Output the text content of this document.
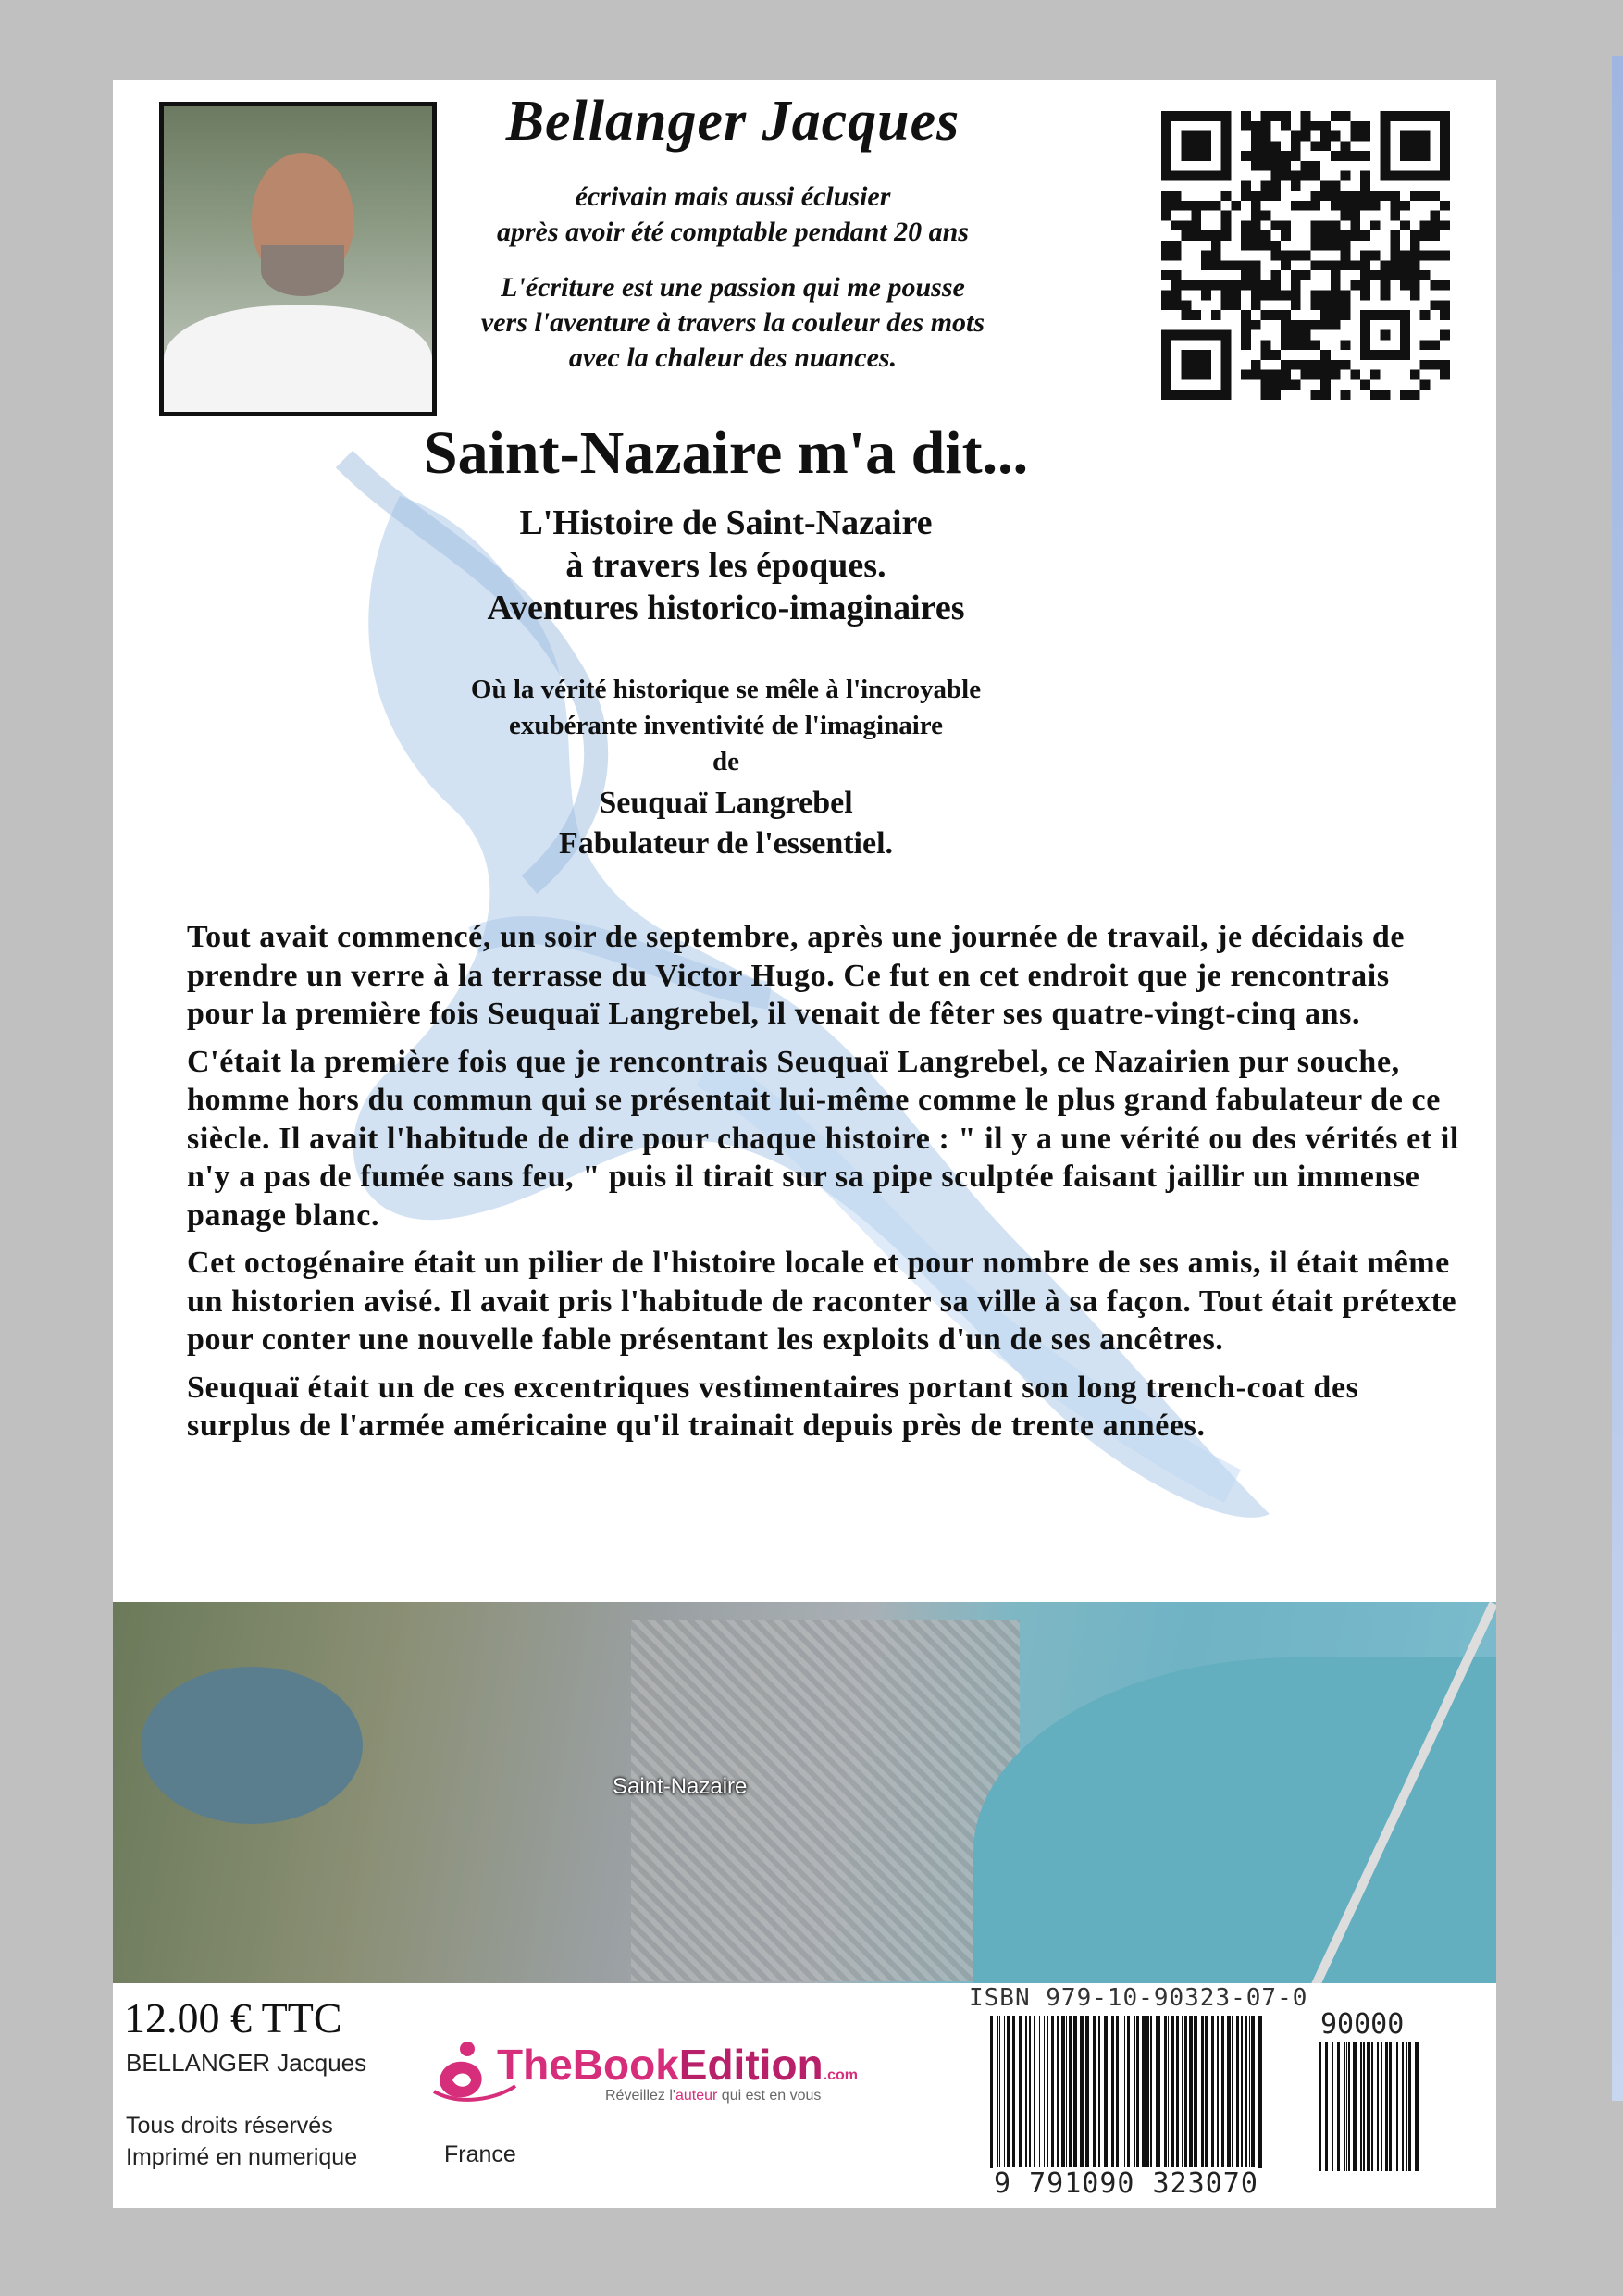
Bellanger Jacques
écrivain mais aussi éclusier
après avoir été comptable pendant 20 ans
L'écriture est une passion qui me pousse
vers l'aventure à travers la couleur des mots
avec la chaleur des nuances.
Saint-Nazaire m'a dit...
L'Histoire de Saint-Nazaire
à travers les époques.
Aventures historico-imaginaires
Où la vérité historique se mêle à l'incroyable
exubérante inventivité de l'imaginaire
de
Seuquaï Langrebel
Fabulateur de l'essentiel.

Tout avait commencé, un soir de septembre, après une journée de travail, je décidais de prendre un verre à la terrasse du Victor Hugo. Ce fut en cet endroit que je rencontrais pour la première fois Seuquaï Langrebel, il venait de fêter ses quatre-vingt-cinq ans.

C'était la première fois que je rencontrais Seuquaï Langrebel, ce Nazairien pur souche, homme hors du commun qui se présentait lui-même comme le plus grand fabulateur de ce siècle. Il avait l'habitude de dire pour chaque histoire : " il y a une vérité ou des vérités et il n'y a pas de fumée sans feu, " puis il tirait sur sa pipe sculptée faisant jaillir un immense panage blanc.

Cet octogénaire était un pilier de l'histoire locale et pour nombre de ses amis, il était même un historien avisé. Il avait pris l'habitude de raconter sa ville à sa façon. Tout était prétexte pour conter une nouvelle fable présentant les exploits d'un de ses ancêtres.

Seuquaï était un de ces excentriques vestimentaires portant son long trench-coat des surplus de l'armée américaine qu'il trainait depuis près de trente années.

Saint-Nazaire
12.00 € TTC
BELLANGER Jacques
Tous droits réservés
Imprimé en numerique	France
TheBookEdition.com
Réveillez l'auteur qui est en vous
ISBN 979-10-90323-07-0
90000
9 791090 323070
